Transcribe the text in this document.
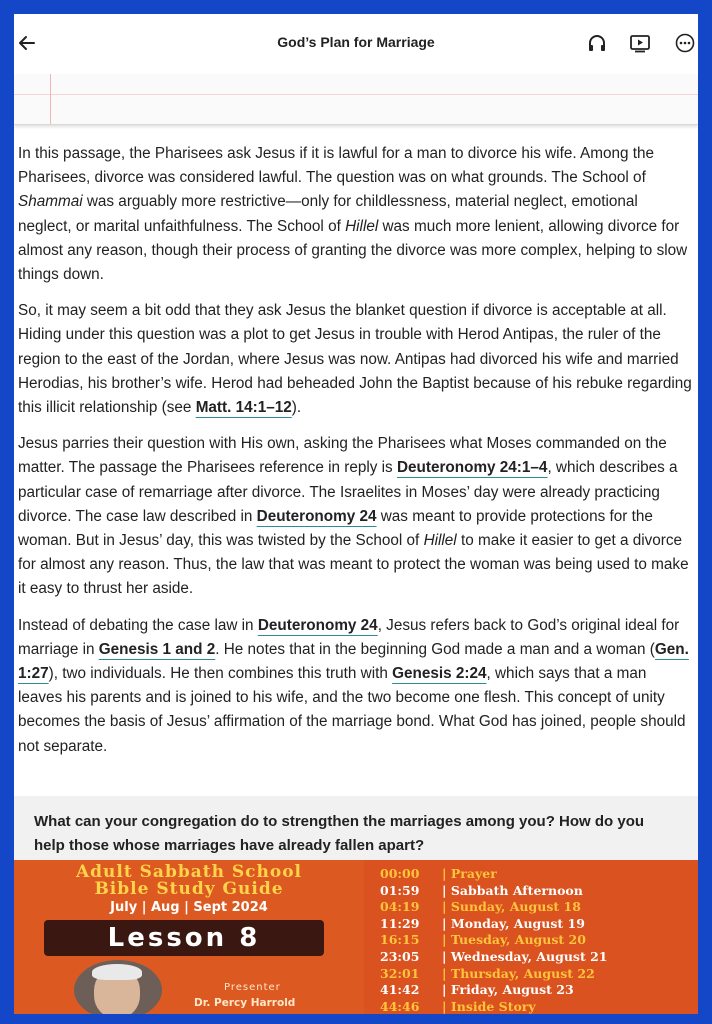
God’s Plan for Marriage

In this passage, the Pharisees ask Jesus if it is lawful for a man to divorce his wife. Among the Pharisees, divorce was considered lawful. The question was on what grounds. The School of Shammai was arguably more restrictive—only for childlessness, material neglect, emotional neglect, or marital unfaithfulness. The School of Hillel was much more lenient, allowing divorce for almost any reason, though their process of granting the divorce was more complex, helping to slow things down.

So, it may seem a bit odd that they ask Jesus the blanket question if divorce is acceptable at all. Hiding under this question was a plot to get Jesus in trouble with Herod Antipas, the ruler of the region to the east of the Jordan, where Jesus was now. Antipas had divorced his wife and married Herodias, his brother’s wife. Herod had beheaded John the Baptist because of his rebuke regarding this illicit relationship (see Matt. 14:1–12).

Jesus parries their question with His own, asking the Pharisees what Moses commanded on the matter. The passage the Pharisees reference in reply is Deuteronomy 24:1–4, which describes a particular case of remarriage after divorce. The Israelites in Moses’ day were already practicing divorce. The case law described in Deuteronomy 24 was meant to provide protections for the woman. But in Jesus’ day, this was twisted by the School of Hillel to make it easier to get a divorce for almost any reason. Thus, the law that was meant to protect the woman was being used to make it easy to thrust her aside.

Instead of debating the case law in Deuteronomy 24, Jesus refers back to God’s original ideal for marriage in Genesis 1 and 2. He notes that in the beginning God made a man and a woman (Gen. 1:27), two individuals. He then combines this truth with Genesis 2:24, which says that a man leaves his parents and is joined to his wife, and the two become one flesh. This concept of unity becomes the basis of Jesus’ affirmation of the marriage bond. What God has joined, people should not separate.

What can your congregation do to strengthen the marriages among you? How do you help those whose marriages have already fallen apart?
Adult Sabbath School
Bible Study Guide
July | Aug | Sept 2024
Lesson 8
Presenter
Dr. Percy Harrold
00:00 | Prayer
01:59 | Sabbath Afternoon
04:19 | Sunday, August 18
11:29 | Monday, August 19
16:15 | Tuesday, August 20
23:05 | Wednesday, August 21
32:01 | Thursday, August 22
41:42 | Friday, August 23
44:46 | Inside Story
